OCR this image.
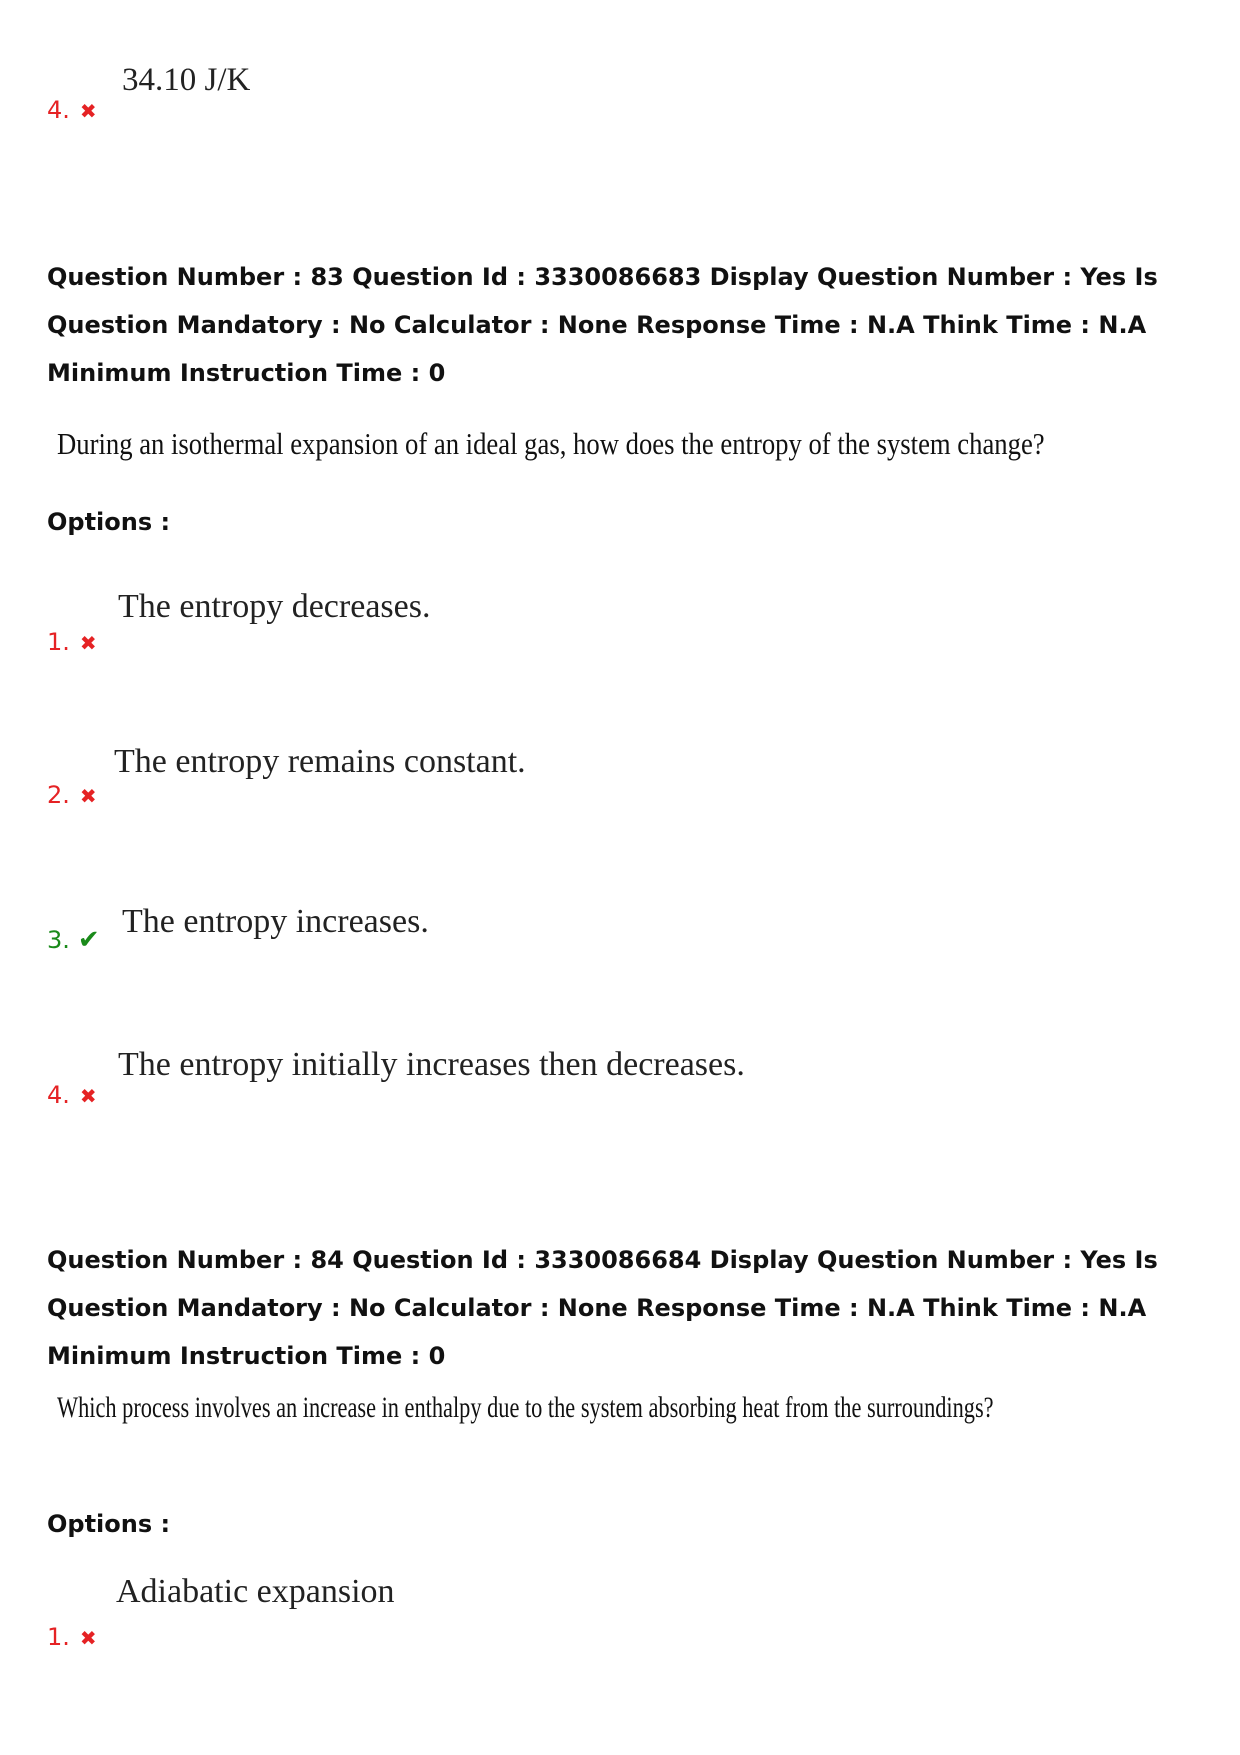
34.10 J/K
4. ✖

Question Number : 83 Question Id : 3330086683 Display Question Number : Yes Is Question Mandatory : No Calculator : None Response Time : N.A Think Time : N.A Minimum Instruction Time : 0

During an isothermal expansion of an ideal gas, how does the entropy of the system change?
Options :
The entropy decreases.
1. ✖
The entropy remains constant.
2. ✖
The entropy increases.
3. ✔
The entropy initially increases then decreases.
4. ✖

Question Number : 84 Question Id : 3330086684 Display Question Number : Yes Is Question Mandatory : No Calculator : None Response Time : N.A Think Time : N.A Minimum Instruction Time : 0

Which process involves an increase in enthalpy due to the system absorbing heat from the surroundings?
Options :
Adiabatic expansion
1. ✖
